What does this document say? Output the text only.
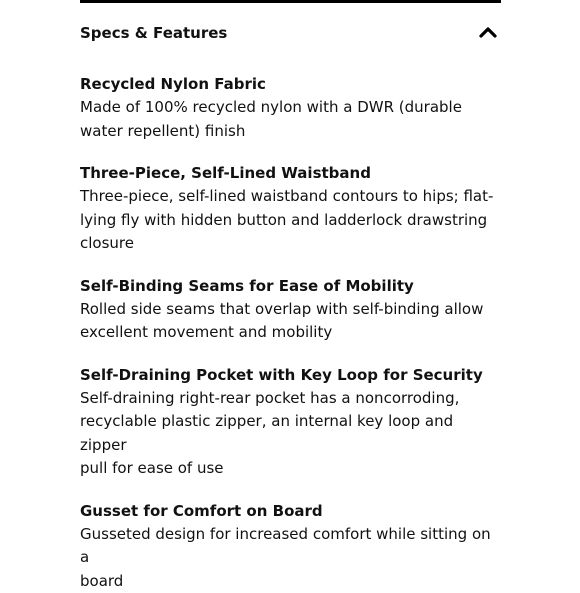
Specs & Features
Recycled Nylon Fabric
Made of 100% recycled nylon with a DWR (durable
water repellent) finish
Three-Piece, Self-Lined Waistband
Three-piece, self-lined waistband contours to hips; flat-
lying fly with hidden button and ladderlock drawstring
closure
Self-Binding Seams for Ease of Mobility
Rolled side seams that overlap with self-binding allow
excellent movement and mobility
Self-Draining Pocket with Key Loop for Security
Self-draining right-rear pocket has a noncorroding,
recyclable plastic zipper, an internal key loop and zipper
pull for ease of use
Gusset for Comfort on Board
Gusseted design for increased comfort while sitting on a
board
